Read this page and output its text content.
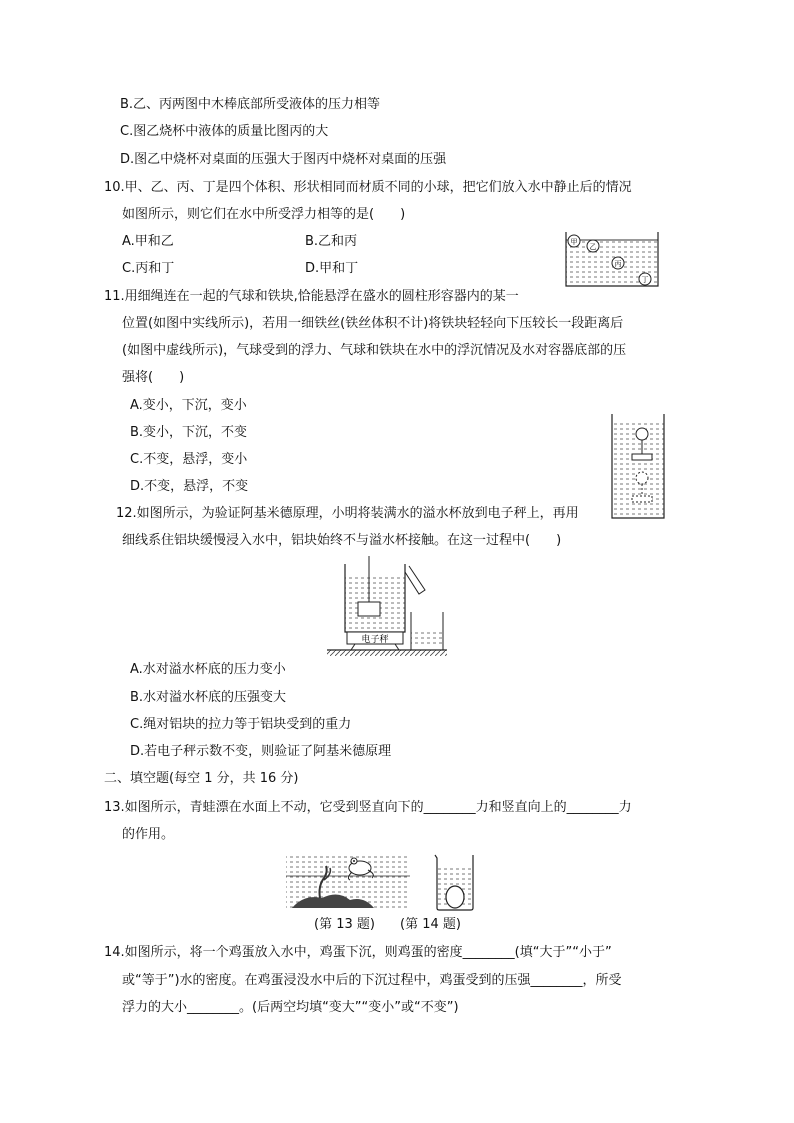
B.乙、丙两图中木棒底部所受液体的压力相等
C.图乙烧杯中液体的质量比图丙的大
D.图乙中烧杯对桌面的压强大于图丙中烧杯对桌面的压强
10.甲、乙、丙、丁是四个体积、形状相同而材质不同的小球，把它们放入水中静止后的情况
如图所示，则它们在水中所受浮力相等的是(　　)
A.甲和乙	B.乙和丙
C.丙和丁	D.甲和丁
甲
乙
丙
丁
11.用细绳连在一起的气球和铁块,恰能悬浮在盛水的圆柱形容器内的某一
位置(如图中实线所示)，若用一细铁丝(铁丝体积不计)将铁块轻轻向下压较长一段距离后
(如图中虚线所示)，气球受到的浮力、气球和铁块在水中的浮沉情况及水对容器底部的压
强将(　　)
A.变小，下沉，变小
B.变小，下沉，不变
C.不变，悬浮，变小
D.不变，悬浮，不变
12.如图所示，为验证阿基米德原理，小明将装满水的溢水杯放到电子秤上，再用
细线系住铝块缓慢浸入水中，铝块始终不与溢水杯接触。在这一过程中(　　)
电子秤
A.水对溢水杯底的压力变小
B.水对溢水杯底的压强变大
C.绳对铝块的拉力等于铝块受到的重力
D.若电子秤示数不变，则验证了阿基米德原理
二、填空题(每空 1 分，共 16 分)
13.如图所示，青蛙漂在水面上不动，它受到竖直向下的________力和竖直向上的________力
的作用。
(第 13 题) (第 14 题)
14.如图所示，将一个鸡蛋放入水中，鸡蛋下沉，则鸡蛋的密度________(填“大于”“小于”
或“等于”)水的密度。在鸡蛋浸没水中后的下沉过程中，鸡蛋受到的压强________，所受
浮力的大小________。(后两空均填“变大”“变小”或“不变”)
